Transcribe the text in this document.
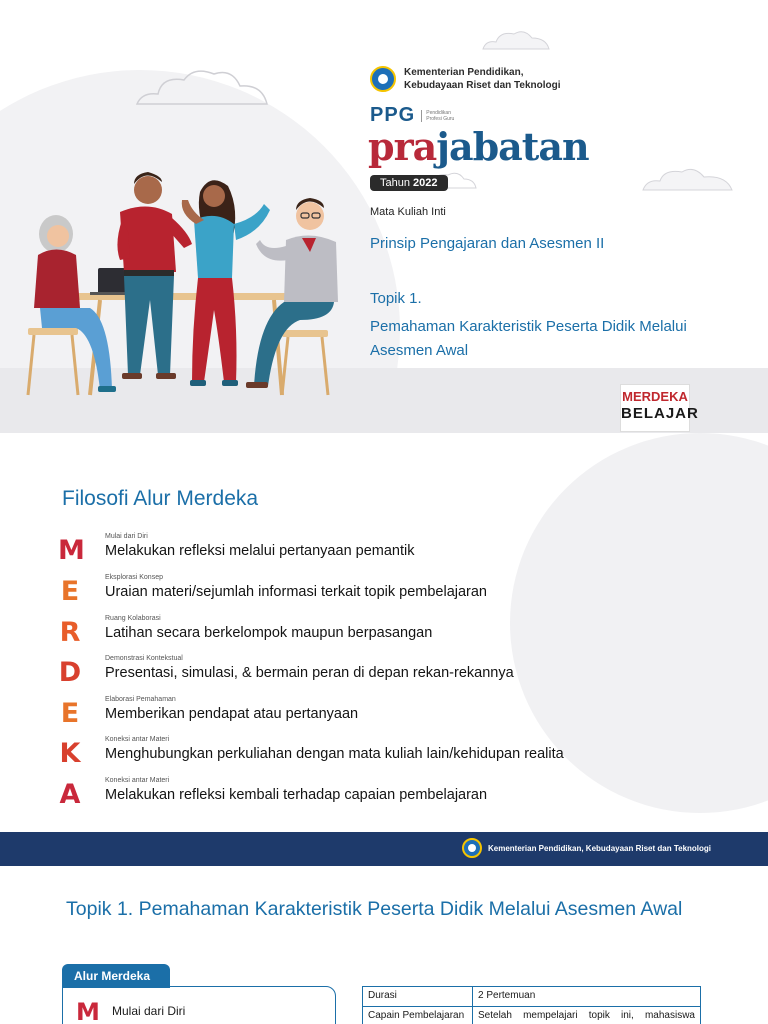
Kementerian Pendidikan,
Kebudayaan Riset dan Teknologi
PPG	Pendidikan Profesi Guru
prajabatan
Tahun 2022
Mata Kuliah Inti
Prinsip Pengajaran dan Asesmen II
Topik 1.
Pemahaman Karakteristik Peserta Didik Melalui Asesmen Awal
MERDEKA
BELAJAR
Filosofi Alur Merdeka
M	Mulai dari Diri
Melakukan refleksi melalui pertanyaan pemantik
E	Eksplorasi Konsep
Uraian materi/sejumlah informasi terkait topik pembelajaran
R	Ruang Kolaborasi
Latihan secara berkelompok maupun berpasangan
D	Demonstrasi Kontekstual
Presentasi, simulasi, & bermain peran di depan rekan-rekannya
E	Elaborasi Pemahaman
Memberikan pendapat atau pertanyaan
K	Koneksi antar Materi
Menghubungkan perkuliahan dengan mata kuliah lain/kehidupan realita
A	Koneksi antar Materi
Melakukan refleksi kembali terhadap capaian pembelajaran
Kementerian Pendidikan, Kebudayaan Riset dan Teknologi
Topik 1. Pemahaman Karakteristik Peserta Didik Melalui Asesmen Awal
Alur Merdeka
M Mulai dari Diri
Durasi	2 Pertemuan
Capain Pembelajaran	Setelah mempelajari topik ini, mahasiswa
